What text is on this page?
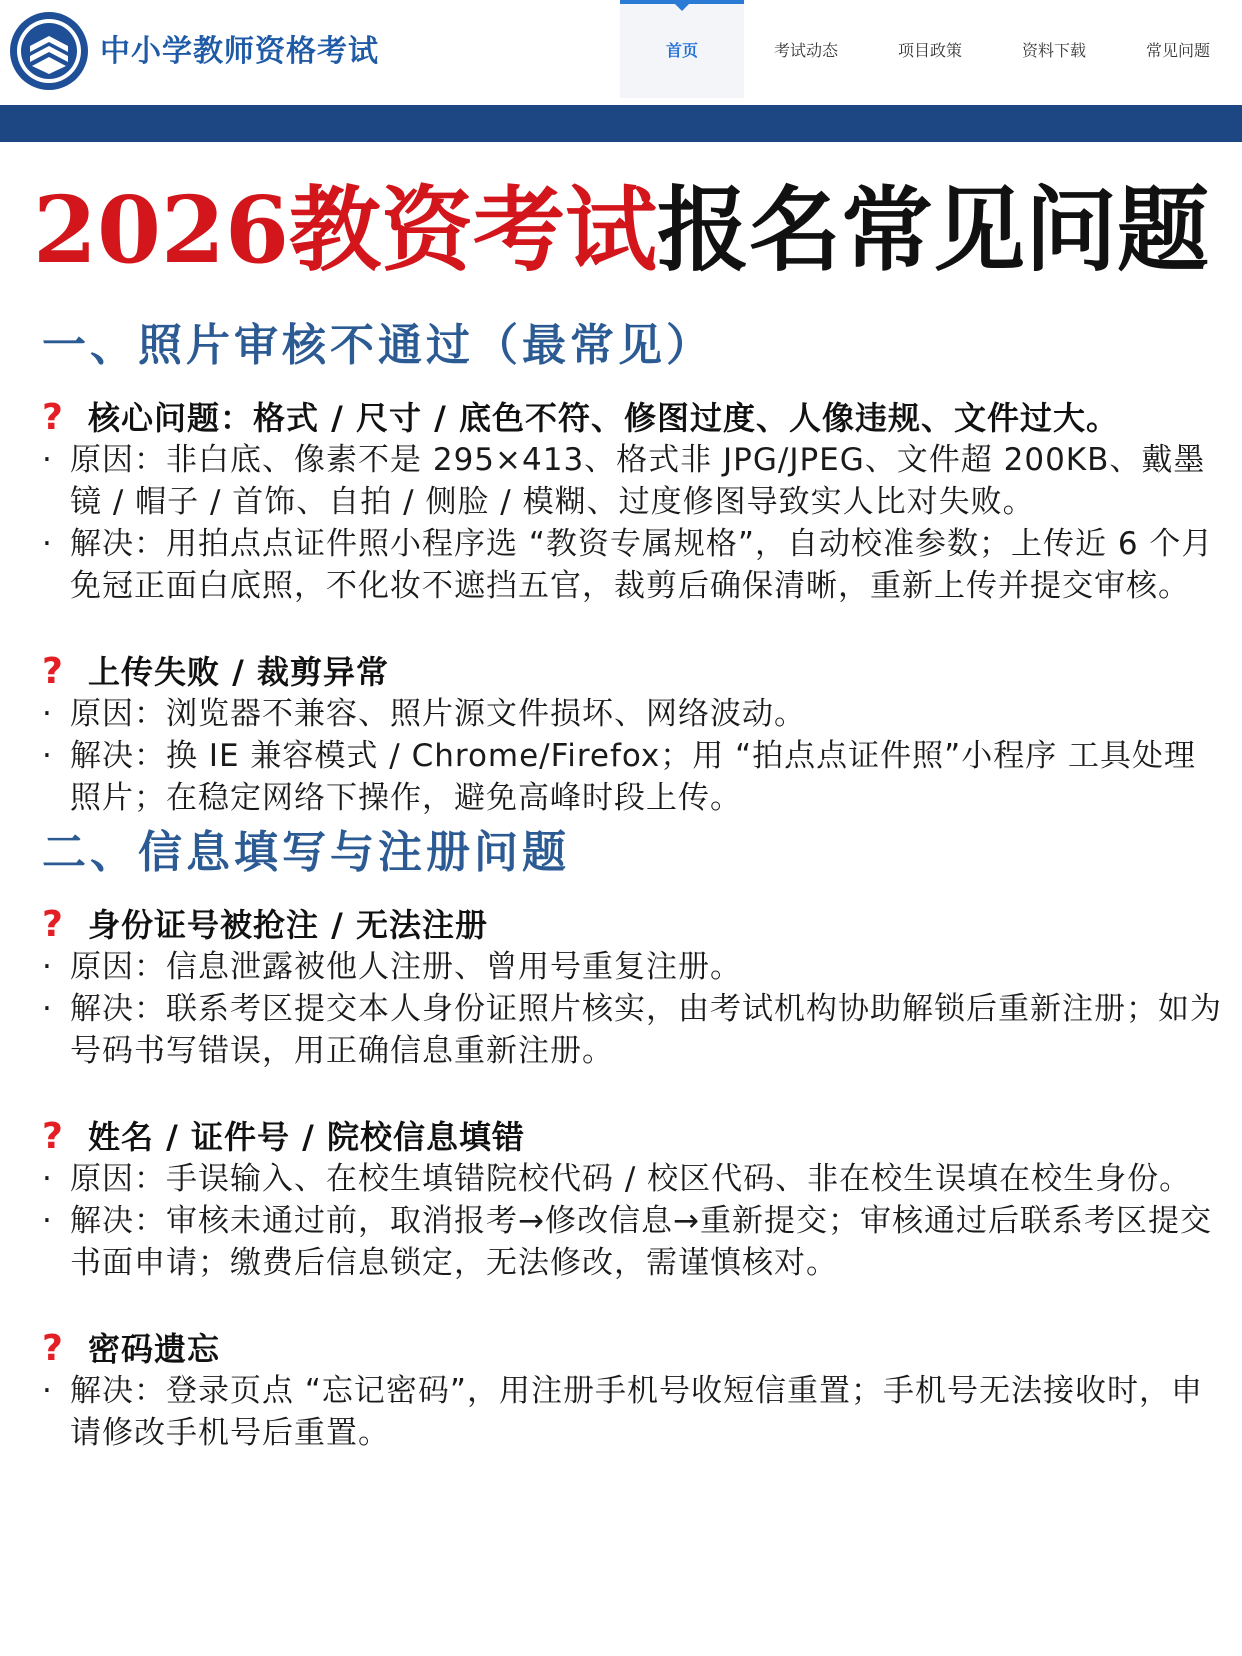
中小学教师资格考试	首页	考试动态	项目政策	资料下载	常见问题
2026教资考试报名常见问题
一、照片审核不通过（最常见）
? 核心问题：格式 / 尺寸 / 底色不符、修图过度、人像违规、文件过大。
· 原因：非白底、像素不是 295×413、格式非 JPG/JPEG、文件超 200KB、戴墨镜 / 帽子 / 首饰、自拍 / 侧脸 / 模糊、过度修图导致实人比对失败。
· 解决：用拍点点证件照小程序选 “教资专属规格”，自动校准参数；上传近 6 个月免冠正面白底照，不化妆不遮挡五官，裁剪后确保清晰，重新上传并提交审核。
? 上传失败 / 裁剪异常
· 原因：浏览器不兼容、照片源文件损坏、网络波动。
· 解决：换 IE 兼容模式 / Chrome/Firefox；用 “拍点点证件照”小程序 工具处理照片；在稳定网络下操作，避免高峰时段上传。
二、信息填写与注册问题
? 身份证号被抢注 / 无法注册
· 原因：信息泄露被他人注册、曾用号重复注册。
· 解决：联系考区提交本人身份证照片核实，由考试机构协助解锁后重新注册；如为号码书写错误，用正确信息重新注册。
? 姓名 / 证件号 / 院校信息填错
· 原因：手误输入、在校生填错院校代码 / 校区代码、非在校生误填在校生身份。
· 解决：审核未通过前，取消报考→修改信息→重新提交；审核通过后联系考区提交书面申请；缴费后信息锁定，无法修改，需谨慎核对。
? 密码遗忘
· 解决：登录页点 “忘记密码”，用注册手机号收短信重置；手机号无法接收时，申请修改手机号后重置。
